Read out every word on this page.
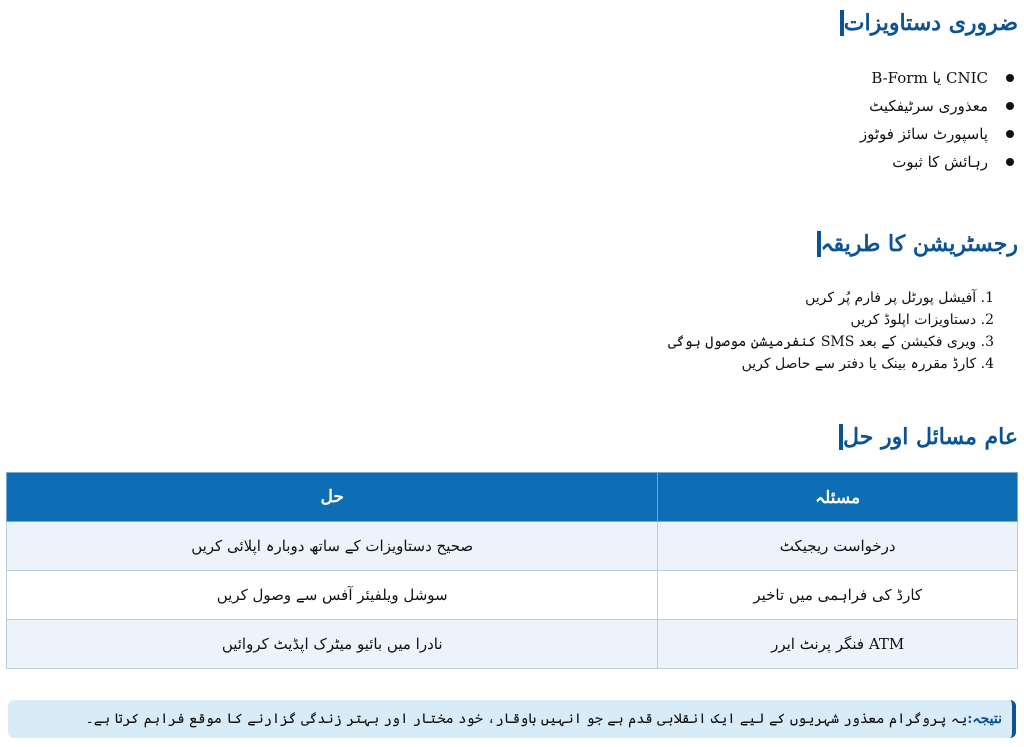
ضروری دستاویزات
CNIC یا B-Form
معذوری سرٹیفکیٹ
پاسپورٹ سائز فوٹوز
رہائش کا ثبوت
رجسٹریشن کا طریقہ
1. آفیشل پورٹل پر فارم پُر کریں
2. دستاویزات اپلوڈ کریں
3. ویری فکیشن کے بعد SMS کنفرمیشن موصول ہوگی
4. کارڈ مقررہ بینک یا دفتر سے حاصل کریں
عام مسائل اور حل
مسئلہ	حل
درخواست ریجیکٹ	صحیح دستاویزات کے ساتھ دوبارہ اپلائی کریں
کارڈ کی فراہمی میں تاخیر	سوشل ویلفیئر آفس سے وصول کریں
ATM فنگر پرنٹ ایرر	نادرا میں بائیو میٹرک اپڈیٹ کروائیں
نتیجہ:
یہ پروگرام معذور شہریوں کے لیے ایک انقلابی قدم ہے جو انہیں باوقار، خود مختار اور بہتر زندگی گزارنے کا موقع فراہم کرتا ہے۔
